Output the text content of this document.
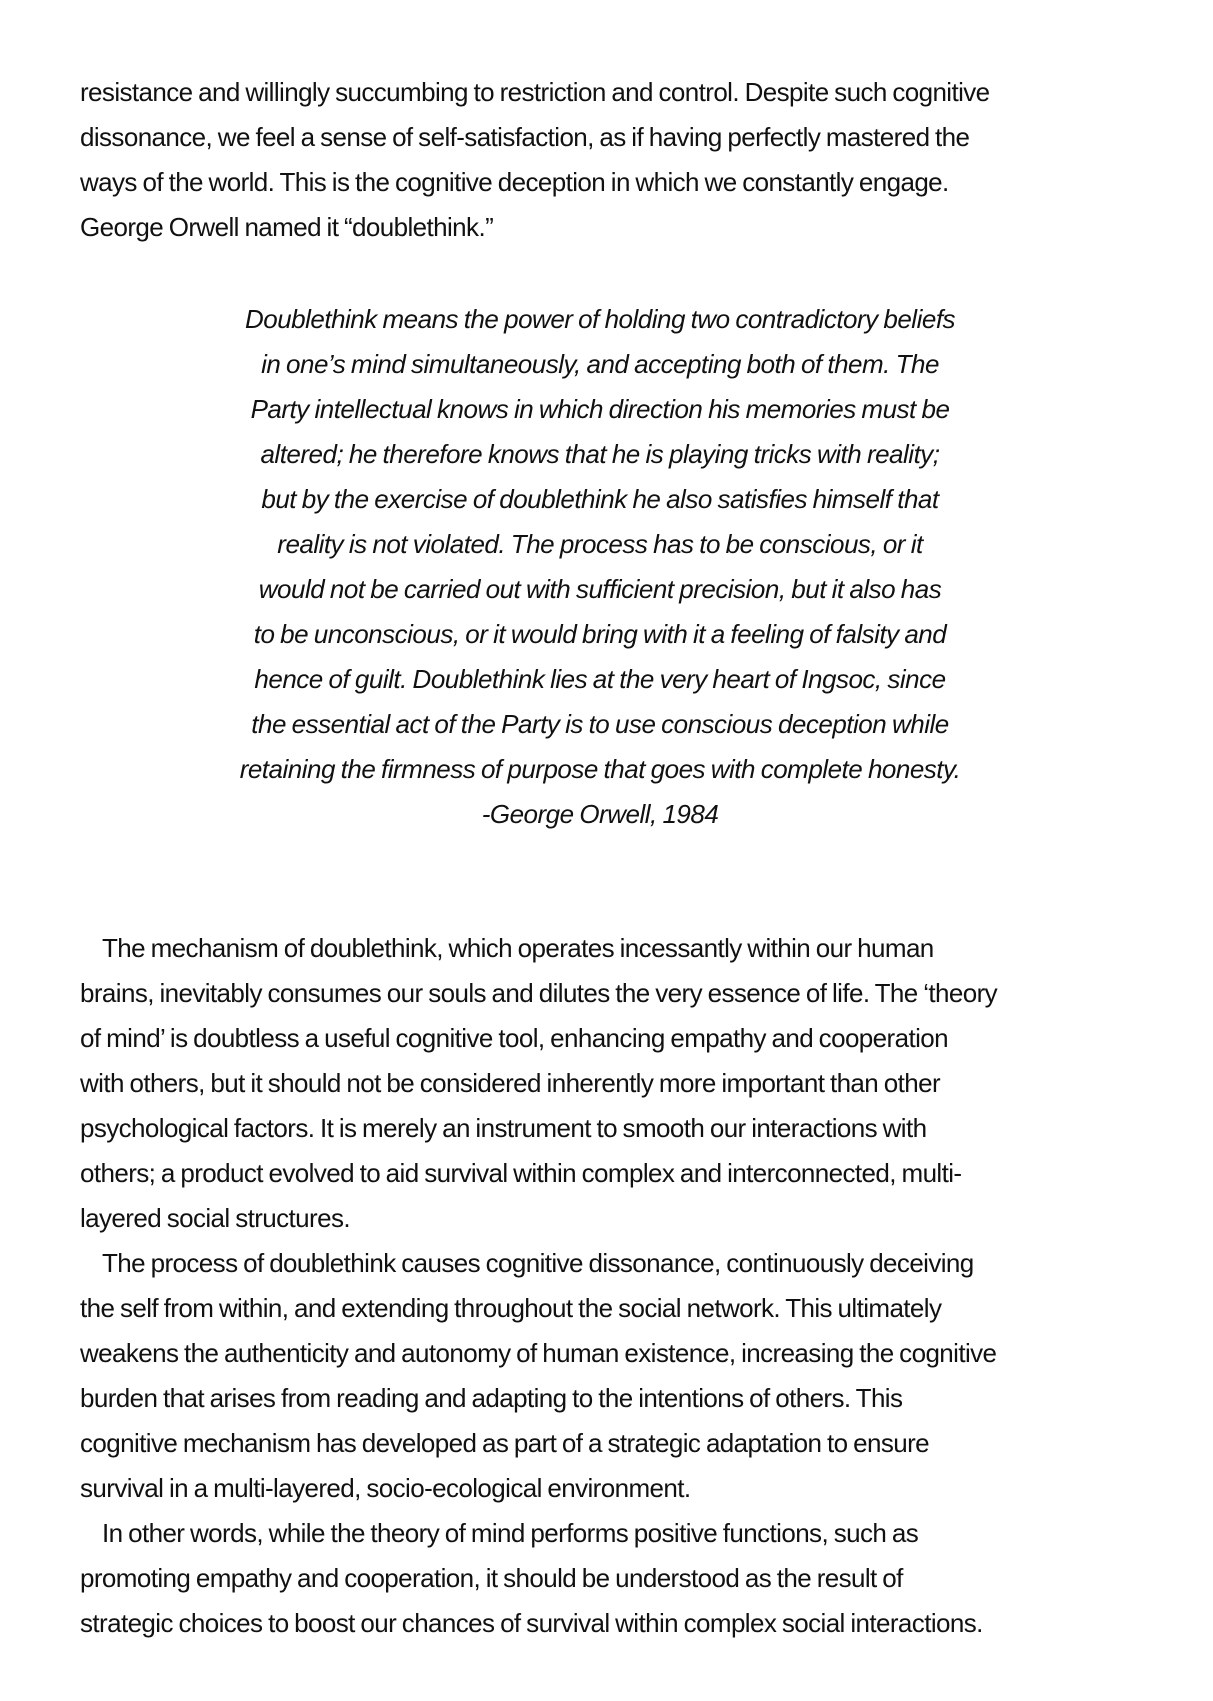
resistance and willingly succumbing to restriction and control. Despite such cognitive
dissonance, we feel a sense of self-satisfaction, as if having perfectly mastered the
ways of the world. This is the cognitive deception in which we constantly engage.
George Orwell named it “doublethink.”
Doublethink means the power of holding two contradictory beliefs
in one’s mind simultaneously, and accepting both of them. The
Party intellectual knows in which direction his memories must be
altered; he therefore knows that he is playing tricks with reality;
but by the exercise of doublethink he also satisfies himself that
reality is not violated. The process has to be conscious, or it
would not be carried out with sufficient precision, but it also has
to be unconscious, or it would bring with it a feeling of falsity and
hence of guilt. Doublethink lies at the very heart of Ingsoc, since
the essential act of the Party is to use conscious deception while
retaining the firmness of purpose that goes with complete honesty.
-George Orwell, 1984
The mechanism of doublethink, which operates incessantly within our human
brains, inevitably consumes our souls and dilutes the very essence of life. The ‘theory
of mind’ is doubtless a useful cognitive tool, enhancing empathy and cooperation
with others, but it should not be considered inherently more important than other
psychological factors. It is merely an instrument to smooth our interactions with
others; a product evolved to aid survival within complex and interconnected, multi-
layered social structures.
The process of doublethink causes cognitive dissonance, continuously deceiving
the self from within, and extending throughout the social network. This ultimately
weakens the authenticity and autonomy of human existence, increasing the cognitive
burden that arises from reading and adapting to the intentions of others. This
cognitive mechanism has developed as part of a strategic adaptation to ensure
survival in a multi-layered, socio-ecological environment.
In other words, while the theory of mind performs positive functions, such as
promoting empathy and cooperation, it should be understood as the result of
strategic choices to boost our chances of survival within complex social interactions.
